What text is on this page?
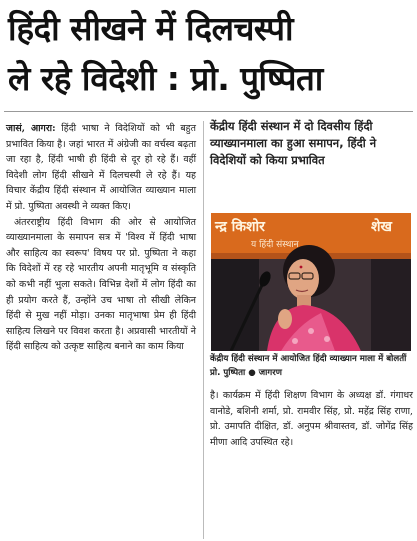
हिंदी सीखने में दिलचस्पी
ले रहे विदेशी : प्रो. पुष्पिता

जासं, आगरा: हिंदी भाषा ने विदेशियों को भी बहुत प्रभावित किया है। जहां भारत में अंग्रेजी का वर्चस्व बढ़ता जा रहा है, हिंदी भाषी ही हिंदी से दूर हो रहे हैं। वहीं विदेशी लोग हिंदी सीखने में दिलचस्पी ले रहे हैं। यह विचार केंद्रीय हिंदी संस्थान में आयोजित व्याख्यान माला में प्रो. पुष्पिता अवस्थी ने व्यक्त किए।

अंतरराष्ट्रीय हिंदी विभाग की ओर से आयोजित व्याख्यानमाला के समापन सत्र में 'विश्व में हिंदी भाषा और साहित्य का स्वरूप' विषय पर प्रो. पुष्पिता ने कहा कि विदेशों में रह रहे भारतीय अपनी मातृभूमि व संस्कृति को कभी नहीं भुला सकते। विभिन्न देशों में लोग हिंदी का ही प्रयोग करते हैं, उन्होंने उच भाषा तो सीखी लेकिन हिंदी से मुख नहीं मोड़ा। उनका मातृभाषा प्रेम ही हिंदी साहित्य लिखने पर विवश करता है। अप्रवासी भारतीयों ने हिंदी साहित्य को उत्कृष्ट साहित्य बनाने का काम किया

केंद्रीय हिंदी संस्थान में दो दिवसीय हिंदी व्याख्यानमाला का हुआ समापन, हिंदी ने विदेशियों को किया प्रभावित
न्द्र किशोर	शेख
य हिंदी संस्थान
केंद्रीय हिंदी संस्थान में आयोजित हिंदी व्याख्यान माला में बोलतीं प्रो. पुष्पिता ● जागरण

है। कार्यक्रम में हिंदी शिक्षण विभाग के अध्यक्ष डॉ. गंगाधर वानोडे, बशिनी शर्मा, प्रो. रामवीर सिंह, प्रो. महेंद्र सिंह राणा, प्रो. उमापति दीक्षित, डॉ. अनुपम श्रीवास्तव, डॉ. जोगेंद्र सिंह मीणा आदि उपस्थित रहे।
